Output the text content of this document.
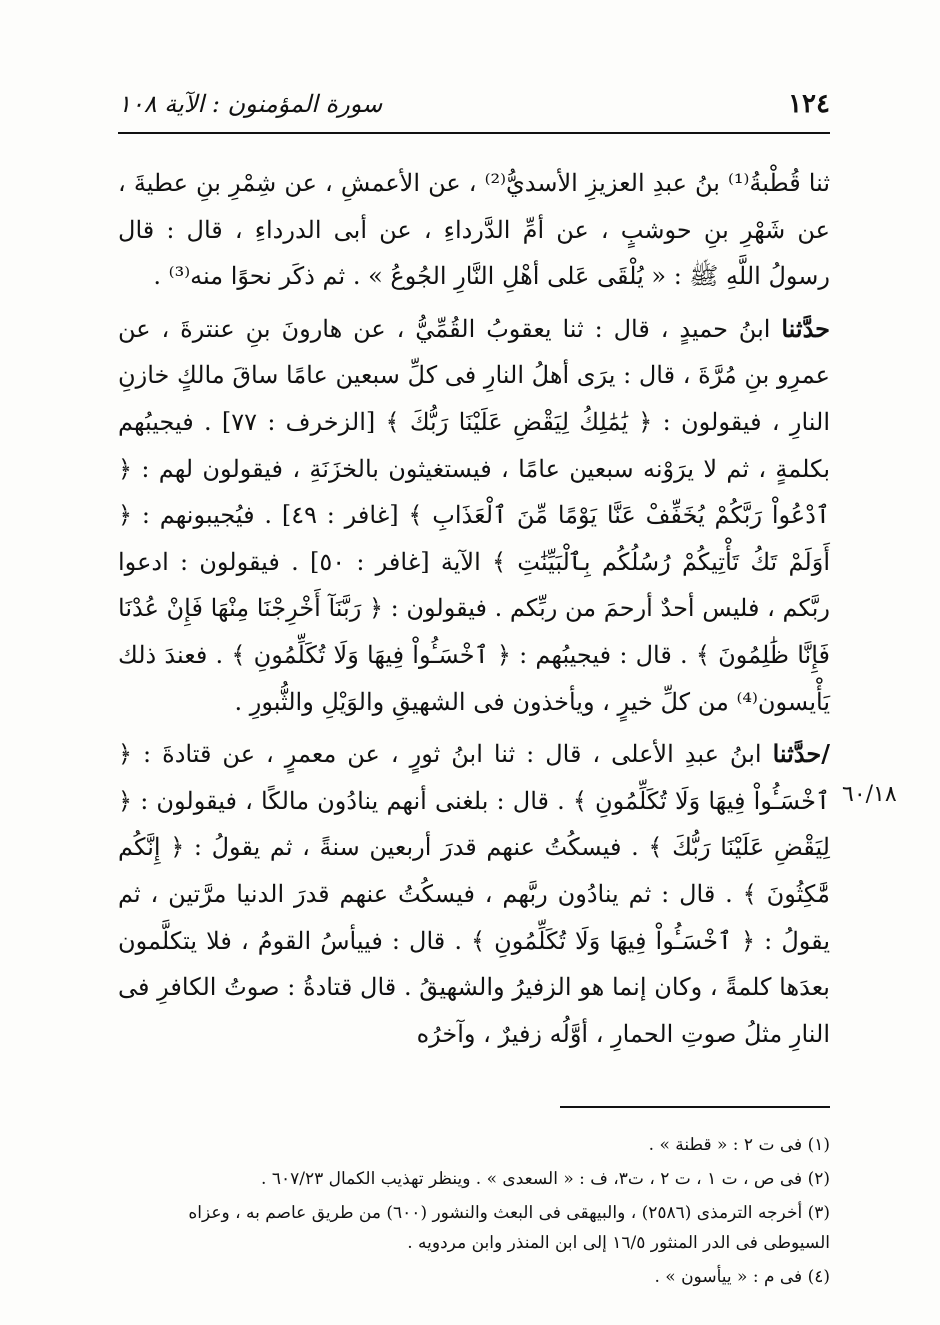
١٢٤
سورة المؤمنون : الآية ١٠٨
٦٠/١٨

ثنا قُطْبةُ⁽¹⁾ بنُ عبدِ العزيزِ الأسديُّ⁽²⁾ ، عن الأعمشِ ، عن شِمْرِ بنِ عطيةَ ، عن شَهْرِ بنِ حوشبٍ ، عن أمِّ الدَّرداءِ ، عن أبى الدرداءِ ، قال : قال رسولُ اللَّهِ ﷺ : « يُلْقَى عَلى أهْلِ النَّارِ الجُوعُ » . ثم ذكَر نحوًا منه⁽³⁾ .

حدَّثنا ابنُ حميدٍ ، قال : ثنا يعقوبُ القُمِّيُّ ، عن هارونَ بنِ عنترةَ ، عن عمرِو بنِ مُرَّةَ ، قال : يرَى أهلُ النارِ فى كلِّ سبعين عامًا ساقَ مالكٍ خازنِ النارِ ، فيقولون : ﴿ يَٰمَٰلِكُ لِيَقْضِ عَلَيْنَا رَبُّكَ ﴾ [الزخرف : ٧٧] . فيجيبُهم بكلمةٍ ، ثم لا يرَوْنه سبعين عامًا ، فيستغيثون بالخزَنَةِ ، فيقولون لهم : ﴿ ٱدْعُواْ رَبَّكُمْ يُخَفِّفْ عَنَّا يَوْمًا مِّنَ ٱلْعَذَابِ ﴾ [غافر : ٤٩] . فيُجيبونهم : ﴿ أَوَلَمْ تَكُ تَأْتِيكُمْ رُسُلُكُم بِٱلْبَيِّنَٰتِ ﴾ الآية [غافر : ٥٠] . فيقولون : ادعوا ربَّكم ، فليس أحدٌ أرحمَ من ربِّكم . فيقولون : ﴿ رَبَّنَآ أَخْرِجْنَا مِنْهَا فَإِنْ عُدْنَا فَإِنَّا ظَٰلِمُونَ ﴾ . قال : فيجيبُهم : ﴿ ٱخْسَـُٔواْ فِيهَا وَلَا تُكَلِّمُونِ ﴾ . فعندَ ذلك يَأْيسون⁽⁴⁾ من كلِّ خيرٍ ، ويأخذون فى الشهيقِ والوَيْلِ والثُّبورِ .

/حدَّثنا ابنُ عبدِ الأعلى ، قال : ثنا ابنُ ثورٍ ، عن معمرٍ ، عن قتادةَ : ﴿ ٱخْسَـُٔواْ فِيهَا وَلَا تُكَلِّمُونِ ﴾ . قال : بلغنى أنهم ينادُون مالكًا ، فيقولون : ﴿ لِيَقْضِ عَلَيْنَا رَبُّكَ ﴾ . فيسكُتُ عنهم قدرَ أربعين سنةً ، ثم يقولُ : ﴿ إِنَّكُم مَّٰكِثُونَ ﴾ . قال : ثم ينادُون ربَّهم ، فيسكُتُ عنهم قدرَ الدنيا مرَّتين ، ثم يقولُ : ﴿ ٱخْسَـُٔواْ فِيهَا وَلَا تُكَلِّمُونِ ﴾ . قال : فييأسُ القومُ ، فلا يتكلَّمون بعدَها كلمةً ، وكان إنما هو الزفيرُ والشهيقُ . قال قتادةُ : صوتُ الكافرِ فى النارِ مثلُ صوتِ الحمارِ ، أوَّلُه زفيرٌ ، وآخرُه

(١) فى ت ٢ : « قطنة » .

(٢) فى ص ، ت ١ ، ت ٢ ، ت٣، ف : « السعدى » . وينظر تهذيب الكمال ٦٠٧/٢٣ .

(٣) أخرجه الترمذى (٢٥٨٦) ، والبيهقى فى البعث والنشور (٦٠٠) من طريق عاصم به ، وعزاه السيوطى فى الدر المنثور ١٦/٥ إلى ابن المنذر وابن مردويه .

(٤) فى م : « ييأسون » .
